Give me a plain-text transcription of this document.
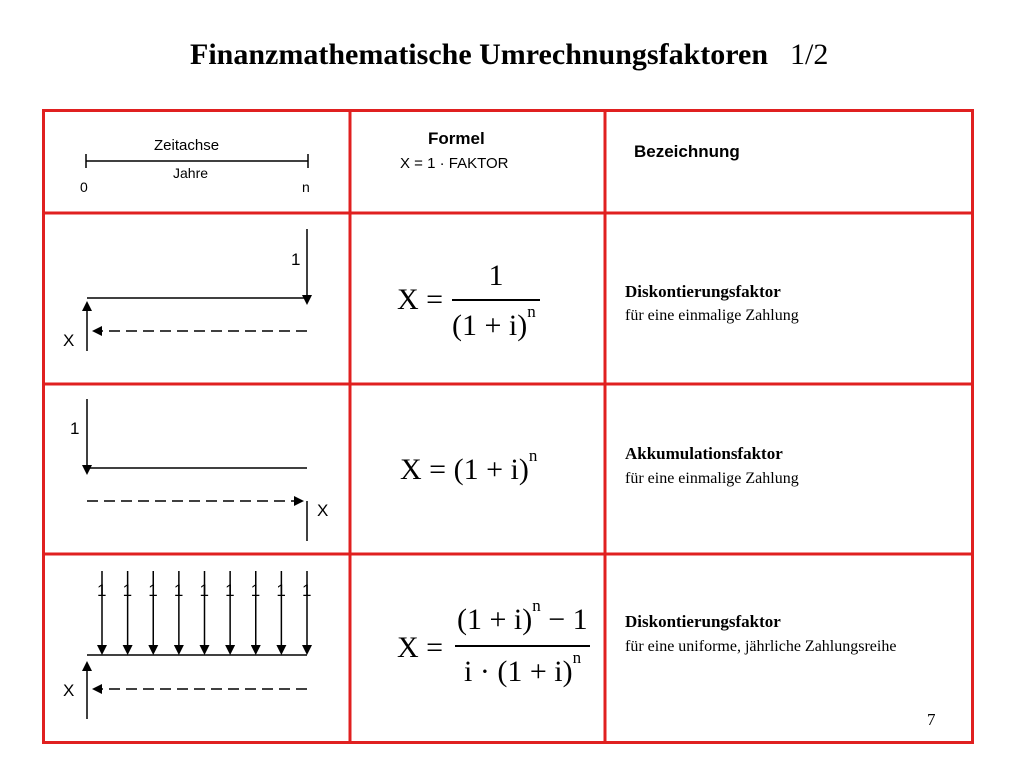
Finanzmathematische Umrechnungsfaktoren 1/2
Zeitachse
Jahre
0	n
Formel
X = 1 · FAKTOR
Bezeichnung
1
X
X =
1
$(1 + i)^n$
Diskontierungsfaktor
für eine einmalige Zahlung
1
X
$X = (1 + i)^n$	Akkumulationsfaktor
für eine einmalige Zahlung
1 1 1 1 1 1 1 1 1
X
X =
$(1 + i)^n - 1$
$i \cdot (1 + i)^n$
Diskontierungsfaktor
für eine uniforme, jährliche Zahlungsreihe
7
